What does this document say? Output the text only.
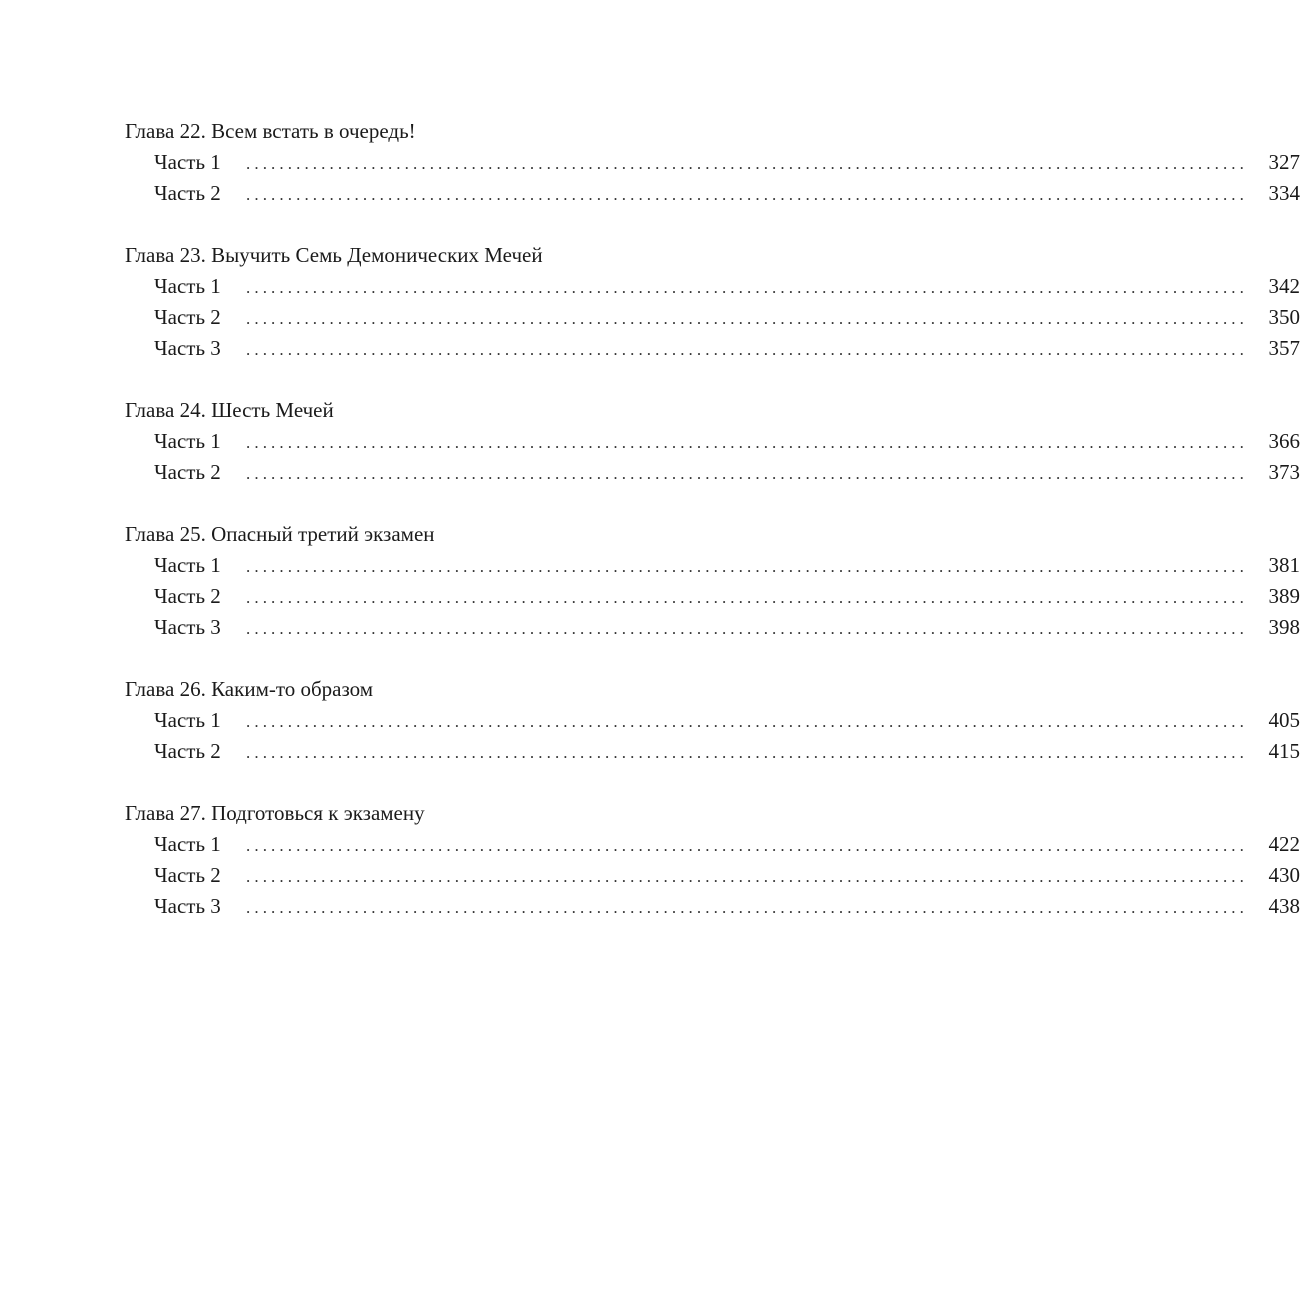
Глава 22. Всем встать в очередь!
Часть 1	........................................................................................................................ 327
Часть 2	........................................................................................................................ 334
Глава 23. Выучить Семь Демонических Мечей
Часть 1	........................................................................................................................ 342
Часть 2	........................................................................................................................ 350
Часть 3	........................................................................................................................ 357
Глава 24. Шесть Мечей
Часть 1	........................................................................................................................ 366
Часть 2	........................................................................................................................ 373
Глава 25. Опасный третий экзамен
Часть 1	........................................................................................................................ 381
Часть 2	........................................................................................................................ 389
Часть 3	........................................................................................................................ 398
Глава 26. Каким-то образом
Часть 1	........................................................................................................................ 405
Часть 2	........................................................................................................................ 415
Глава 27. Подготовься к экзамену
Часть 1	........................................................................................................................ 422
Часть 2	........................................................................................................................ 430
Часть 3	........................................................................................................................ 438
